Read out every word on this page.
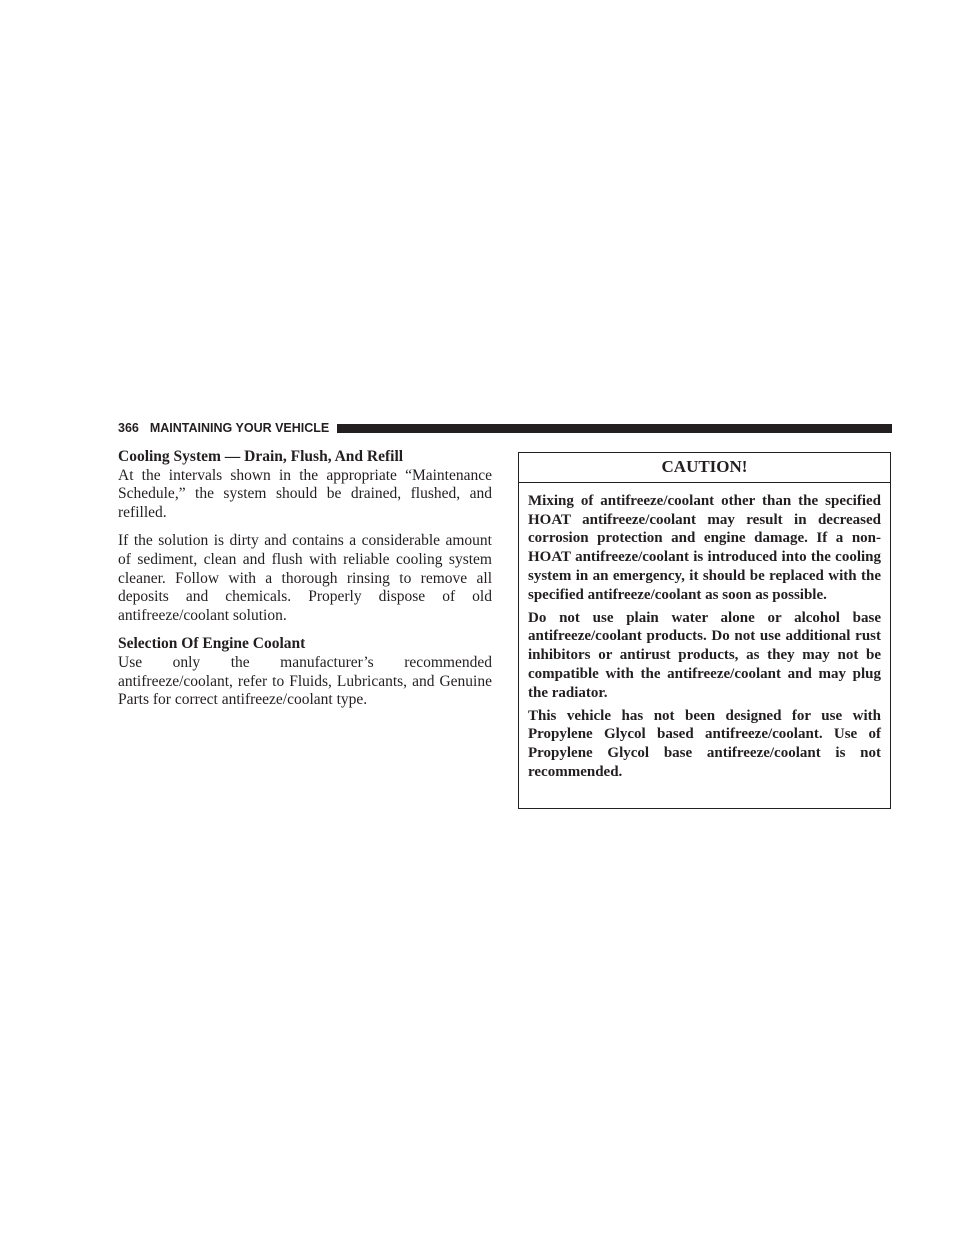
366 MAINTAINING YOUR VEHICLE
Cooling System — Drain, Flush, And Refill

At the intervals shown in the appropriate “Maintenance Schedule,” the system should be drained, flushed, and refilled.

If the solution is dirty and contains a considerable amount of sediment, clean and flush with reliable cooling system cleaner. Follow with a thorough rinsing to remove all deposits and chemicals. Properly dispose of old antifreeze/coolant solution.

Selection Of Engine Coolant

Use only the manufacturer’s recommended antifreeze/coolant, refer to Fluids, Lubricants, and Genuine Parts for correct antifreeze/coolant type.

CAUTION!

Mixing of antifreeze/coolant other than the specified HOAT antifreeze/coolant may result in decreased corrosion protection and engine damage. If a non-HOAT antifreeze/coolant is introduced into the cooling system in an emergency, it should be replaced with the specified antifreeze/coolant as soon as possible.

Do not use plain water alone or alcohol base antifreeze/coolant products. Do not use additional rust inhibitors or antirust products, as they may not be compatible with the antifreeze/coolant and may plug the radiator.

This vehicle has not been designed for use with Propylene Glycol based antifreeze/coolant. Use of Propylene Glycol base antifreeze/coolant is not recommended.
